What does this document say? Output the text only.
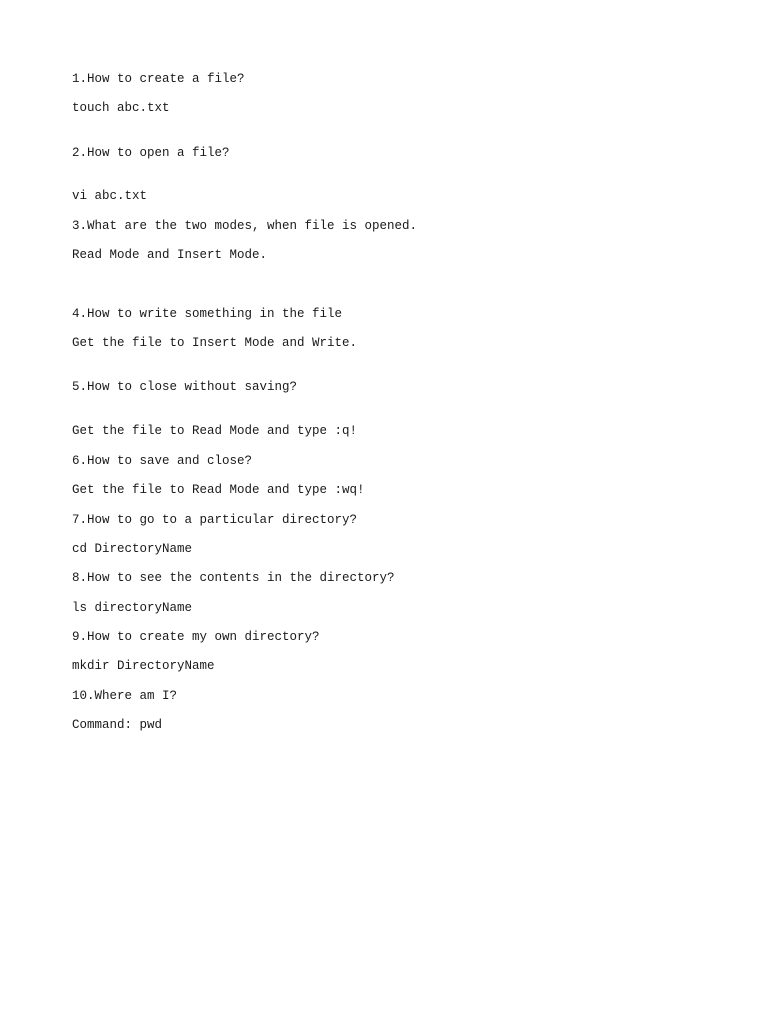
1.How to create a file?

touch abc.txt

2.How to open a file?

vi abc.txt

3.What are the two modes, when file is opened.

Read Mode and Insert Mode.

4.How to write something in the file

Get the file to Insert Mode and Write.

5.How to close without saving?

Get the file to Read Mode and type :q!

6.How to save and close?

Get the file to Read Mode and type :wq!

7.How to go to a particular directory?

cd DirectoryName

8.How to see the contents in the directory?

ls directoryName

9.How to create my own directory?

mkdir DirectoryName

10.Where am I?

Command: pwd
